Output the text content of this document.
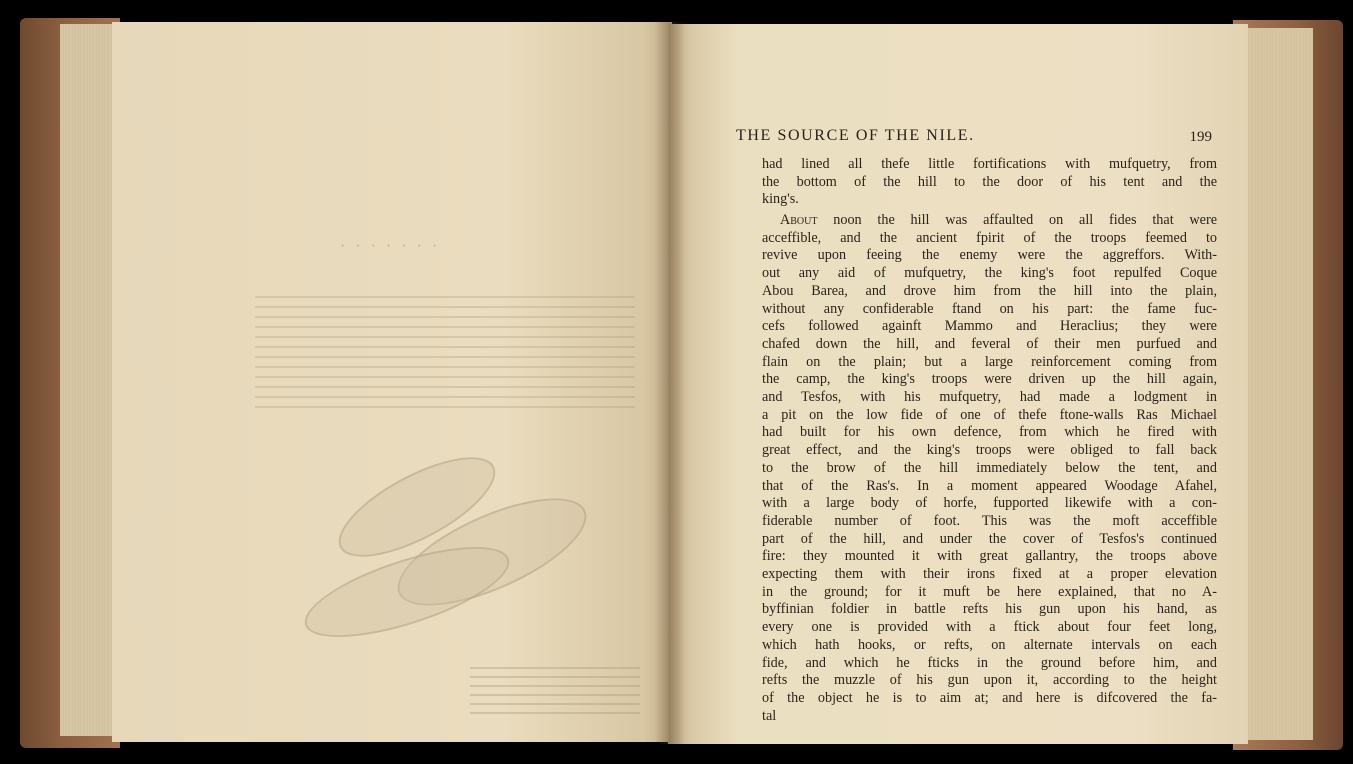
·······
THE SOURCE OF THE NILE.	199
had lined all thefe little fortifications with mufquetry, from
the bottom of the hill to the door of his tent and the
king's.
About noon the hill was affaulted on all fides that were
acceffible, and the ancient fpirit of the troops feemed to
revive upon feeing the enemy were the aggreffors. With-
out any aid of mufquetry, the king's foot repulfed Coque
Abou Barea, and drove him from the hill into the plain,
without any confiderable ftand on his part: the fame fuc-
cefs followed againft Mammo and Heraclius; they were
chafed down the hill, and feveral of their men purfued and
flain on the plain; but a large reinforcement coming from
the camp, the king's troops were driven up the hill again,
and Tesfos, with his mufquetry, had made a lodgment in
a pit on the low fide of one of thefe ftone-walls Ras Michael
had built for his own defence, from which he fired with
great effect, and the king's troops were obliged to fall back
to the brow of the hill immediately below the tent, and
that of the Ras's. In a moment appeared Woodage Afahel,
with a large body of horfe, fupported likewife with a con-
fiderable number of foot. This was the moft acceffible
part of the hill, and under the cover of Tesfos's continued
fire: they mounted it with great gallantry, the troops above
expecting them with their irons fixed at a proper elevation
in the ground; for it muft be here explained, that no A-
byffinian foldier in battle refts his gun upon his hand, as
every one is provided with a ftick about four feet long,
which hath hooks, or refts, on alternate intervals on each
fide, and which he fticks in the ground before him, and
refts the muzzle of his gun upon it, according to the height
of the object he is to aim at; and here is difcovered the fa-
tal
